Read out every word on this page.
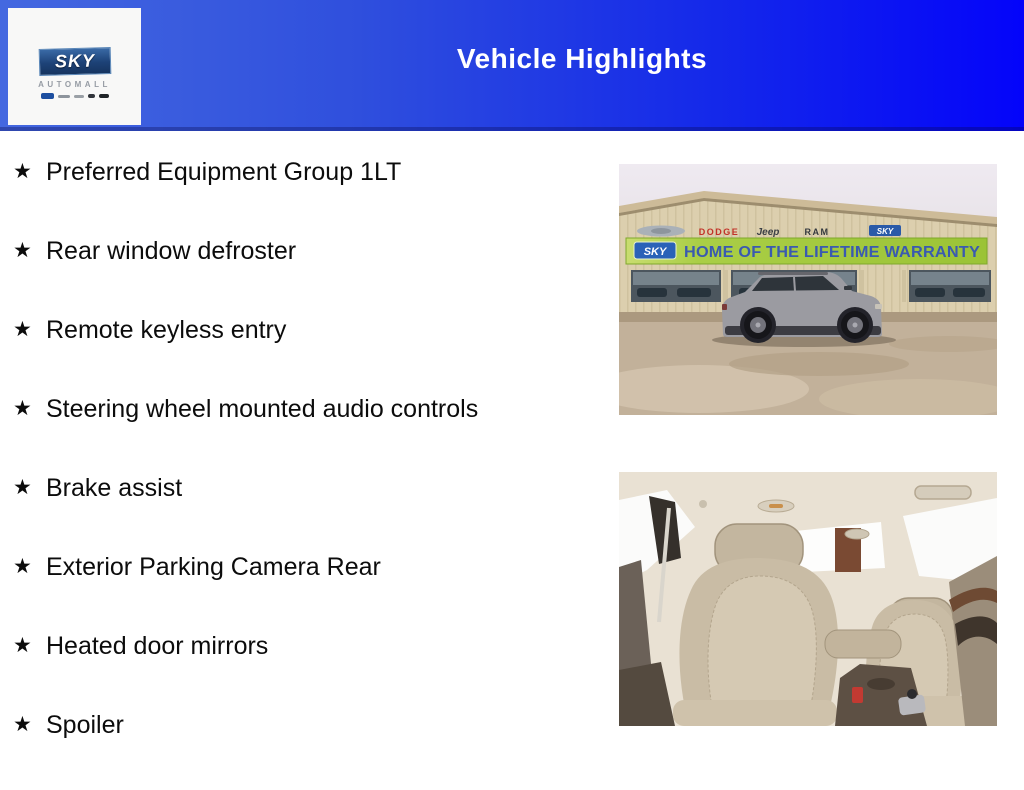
SKY
AUTOMALL
Vehicle Highlights
★ Preferred Equipment Group 1LT
★ Rear window defroster
★ Remote keyless entry
★ Steering wheel mounted audio controls
★ Brake assist
★ Exterior Parking Camera Rear
★ Heated door mirrors
★ Spoiler
DODGE Jeep	RAM	SKY
SKY HOME OF THE LIFETIME WARRANTY
